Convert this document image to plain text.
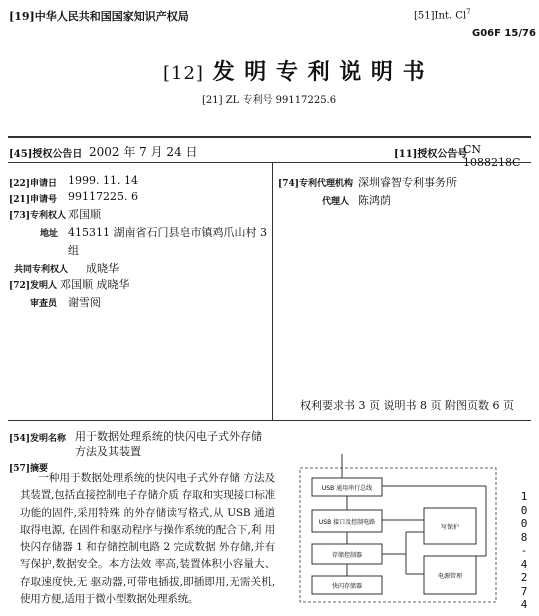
[19]中华人民共和国国家知识产权局	[51]Int. Cl$^7$
G06F 15/76
[12] 发 明 专 利 说 明 书
[21] ZL 专利号 99117225.6
[45]授权公告日 2002 年 7 月 24 日	[11]授权公告号
CN 1088218C
[22]申请日 1999. 11. 14
[21]申请号 99117225. 6
[73]专利权人 邓国顺
地址 415311 湖南省石门县皂市镇鸡爪山村 3
组
共同专利权人 成晓华
[72]发明人 邓国顺 成晓华
审查员 谢雪阅
[74]专利代理机构 深圳睿智专利事务所
代理人 陈鸿荫
权利要求书 3 页 说明书 8 页 附图页数 6 页
[54]发明名称 用于数据处理系统的快闪电子式外存储
方法及其装置
[57]摘要
一种用于数据处理系统的快闪电子式外存储 方法及其装置,包括直接控制电子存储介质 存取和实现接口标准功能的固件,采用特殊 的外存储读写格式,从 USB 通道取得电源, 在固件和驱动程序与操作系统的配合下,利 用快闪存储器 1 和存储控制电路 2 完成数据 外存储,并有写保护,数据安全。本方法效 率高,装置体积小容量大、存取速度快,无 驱动器,可带电插拔,即插即用,无需关机, 使用方便,适用于微小型数据处理系统。
USB 通用串行总线
USB 接口及控制电路
存储控制器
快闪存储器
写保护
电源管理
1
0
0
8
-
4
2
7
4
